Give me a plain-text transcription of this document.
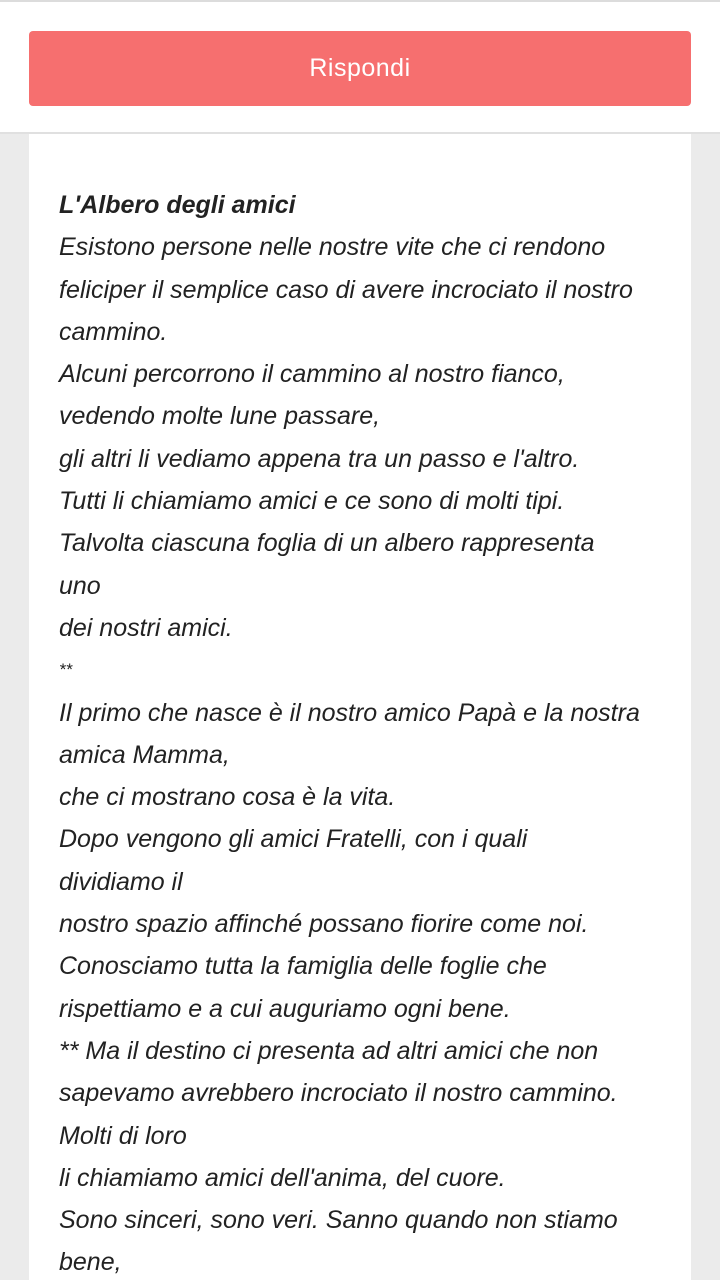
Rispondi
L'Albero degli amici
Esistono persone nelle nostre vite che ci rendono
feliciper il semplice caso di avere incrociato il nostro
cammino.
Alcuni percorrono il cammino al nostro fianco,
vedendo molte lune passare,
gli altri li vediamo appena tra un passo e l'altro.
Tutti li chiamiamo amici e ce sono di molti tipi.
Talvolta ciascuna foglia di un albero rappresenta
uno
dei nostri amici.
**
Il primo che nasce è il nostro amico Papà e la nostra
amica Mamma,
che ci mostrano cosa è la vita.
Dopo vengono gli amici Fratelli, con i quali
dividiamo il
nostro spazio affinché possano fiorire come noi.
Conosciamo tutta la famiglia delle foglie che
rispettiamo e a cui auguriamo ogni bene.
** Ma il destino ci presenta ad altri amici che non
sapevamo avrebbero incrociato il nostro cammino.
Molti di loro
li chiamiamo amici dell'anima, del cuore.
Sono sinceri, sono veri. Sanno quando non stiamo
bene,
